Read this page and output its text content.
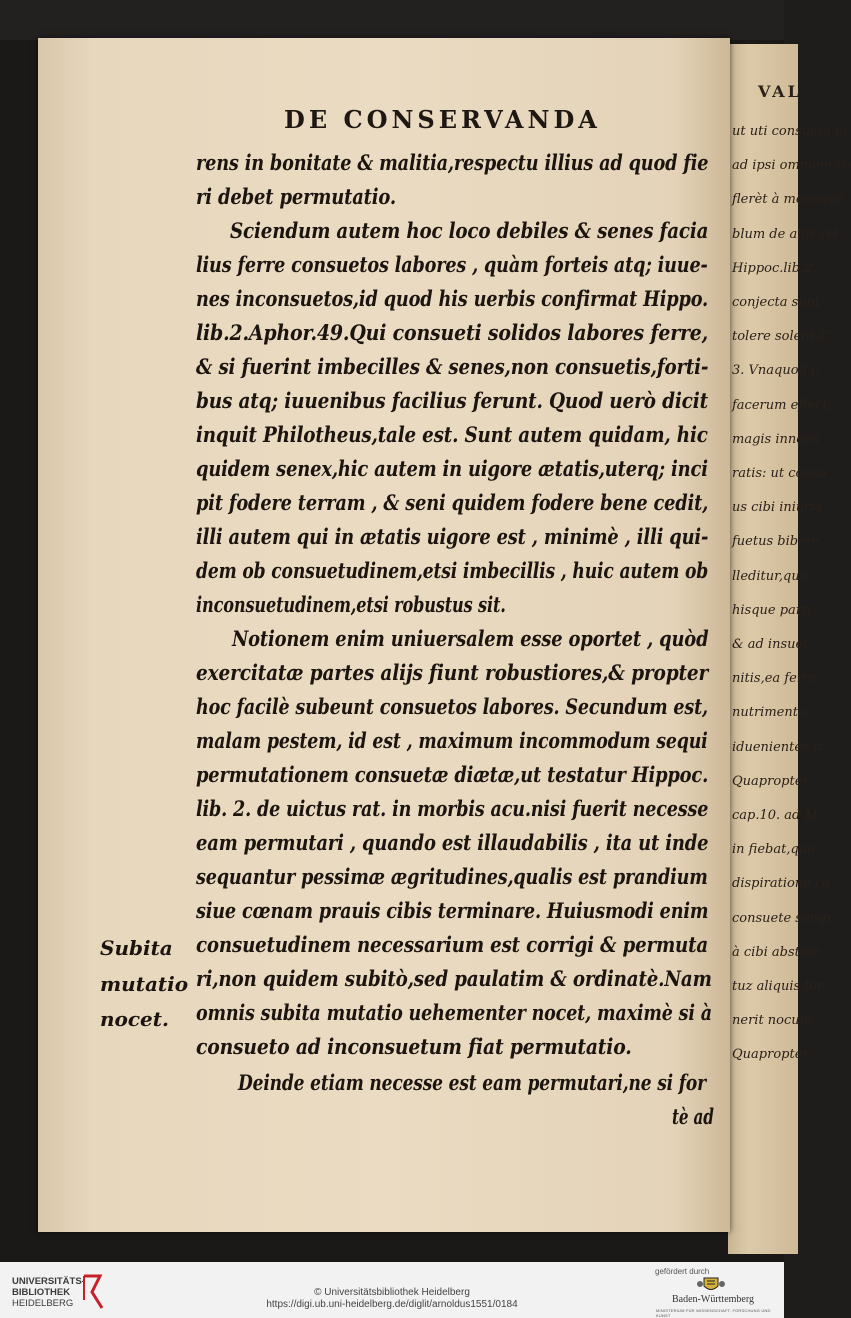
VAL
ut uti consueta fa
ad ipsi ommem co
flerèt à meconsu
blum de alijs rel
Hippoc.lib.2.
conjecta sunt ,
tolere solent.C
3. Vnaquodq;
facerum effecti
magis innocu
ratis: ut consu
us cibi iniuria
fuetus bibere
lleditur,quo
hisque parti
& ad insuet
nitis,ea ferre
nutrimento,
iduenientes fr
Quapropter
cap.10. ad M
in fiebat,qua
dispiratione co
consuete semp
à cibi abstine
tuz aliquis for
nerit nocum
Quapropter
DE CONSERVANDA
rens in bonitate & malitia,respectu illius ad quod fie
ri debet permutatio.
Sciendum autem hoc loco debiles & senes facia
lius ferre consuetos labores , quàm forteis atq; iuue-
nes inconsuetos,id quod his uerbis confirmat Hippo.
lib.2.Aphor.49.Qui consueti solidos labores ferre,
& si fuerint imbecilles & senes,non consuetis,forti-
bus atq; iuuenibus facilius ferunt. Quod uerò dicit
inquit Philotheus,tale est. Sunt autem quidam, hic
quidem senex,hic autem in uigore ætatis,uterq; inci
pit fodere terram , & seni quidem fodere bene cedit,
illi autem qui in ætatis uigore est , minimè , illi qui-
dem ob consuetudinem,etsi imbecillis , huic autem ob
inconsuetudinem,etsi robustus sit.
Notionem enim uniuersalem esse oportet , quòd
exercitatæ partes alijs fiunt robustiores,& propter
hoc facilè subeunt consuetos labores. Secundum est,
malam pestem, id est , maximum incommodum sequi
permutationem consuetæ diætæ,ut testatur Hippoc.
lib. 2. de uictus rat. in morbis acu.nisi fuerit necesse
eam permutari , quando est illaudabilis , ita ut inde
sequantur pessimæ ægritudines,qualis est prandium
siue cœnam prauis cibis terminare. Huiusmodi enim
consuetudinem necessarium est corrigi & permuta
ri,non quidem subitò,sed paulatim & ordinatè.Nam
omnis subita mutatio uehementer nocet, maximè si à
consueto ad inconsuetum fiat permutatio.
Deinde etiam necesse est eam permutari,ne si for
tè ad
Subita
mutatio
nocet.
UNIVERSITÄTS-
BIBLIOTHEK
HEIDELBERG
© Universitätsbibliothek Heidelberg
https://digi.ub.uni-heidelberg.de/diglit/arnoldus1551/0184
gefördert durch
Baden-Württemberg
MINISTERIUM FÜR WISSENSCHAFT, FORSCHUNG UND KUNST
